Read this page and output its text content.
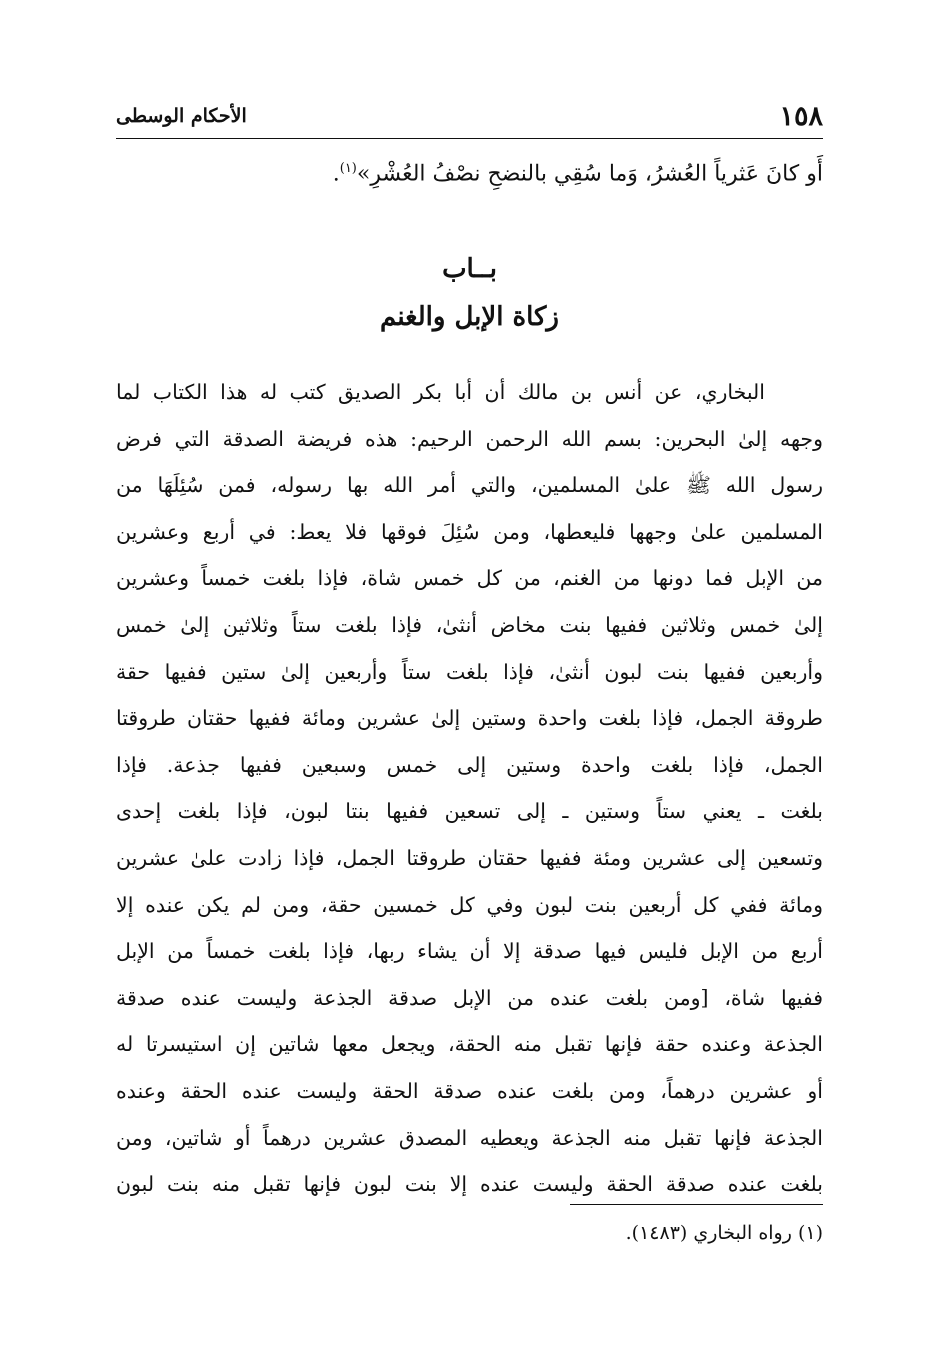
١٥٨
الأحكام الوسطى
أَو كانَ عَثرياً العُشرُ، وَما سُقِي بالنضحِ نصْفُ العُشْرِ»$^{(١)}$.
بــاب
زكاة الإبل والغنم
البخاري، عن أنس بن مالك أن أبا بكر الصديق كتب له هذا الكتاب لما
وجهه إلىٰ البحرين: بسم الله الرحمن الرحيم: هذه فريضة الصدقة التي فرض
رسول الله ﷺ علىٰ المسلمين، والتي أمر الله بها رسوله، فمن سُئِلَهَا من
المسلمين علىٰ وجهها فليعطها، ومن سُئِلَ فوقها فلا يعط: في أربع وعشرين
من الإبل فما دونها من الغنم، من كل خمس شاة، فإذا بلغت خمساً وعشرين
إلىٰ خمس وثلاثين ففيها بنت مخاض أنثىٰ، فإذا بلغت ستاً وثلاثين إلىٰ خمس
وأربعين ففيها بنت لبون أنثىٰ، فإذا بلغت ستاً وأربعين إلىٰ ستين ففيها حقة
طروقة الجمل، فإذا بلغت واحدة وستين إلىٰ عشرين ومائة ففيها حقتان طروقتا
الجمل، فإذا بلغت واحدة وستين إلى خمس وسبعين ففيها جذعة. فإذا
بلغت ـ يعني ستاً وستين ـ إلى تسعين ففيها بنتا لبون، فإذا بلغت إحدى
وتسعين إلى عشرين ومئة ففيها حقتان طروقتا الجمل، فإذا زادت علىٰ عشرين
ومائة ففي كل أربعين بنت لبون وفي كل خمسين حقة، ومن لم يكن عنده إلا
أربع من الإبل فليس فيها صدقة إلا أن يشاء ربها، فإذا بلغت خمساً من الإبل
ففيها شاة، [ومن بلغت عنده من الإبل صدقة الجذعة وليست عنده صدقة
الجذعة وعنده حقة فإنها تقبل منه الحقة، ويجعل معها شاتين إن استيسرتا له
أو عشرين درهماً، ومن بلغت عنده صدقة الحقة وليست عنده الحقة وعنده
الجذعة فإنها تقبل منه الجذعة ويعطيه المصدق عشرين درهماً أو شاتين، ومن
بلغت عنده صدقة الحقة وليست عنده إلا بنت لبون فإنها تقبل منه بنت لبون
(١) رواه البخاري (١٤٨٣).
